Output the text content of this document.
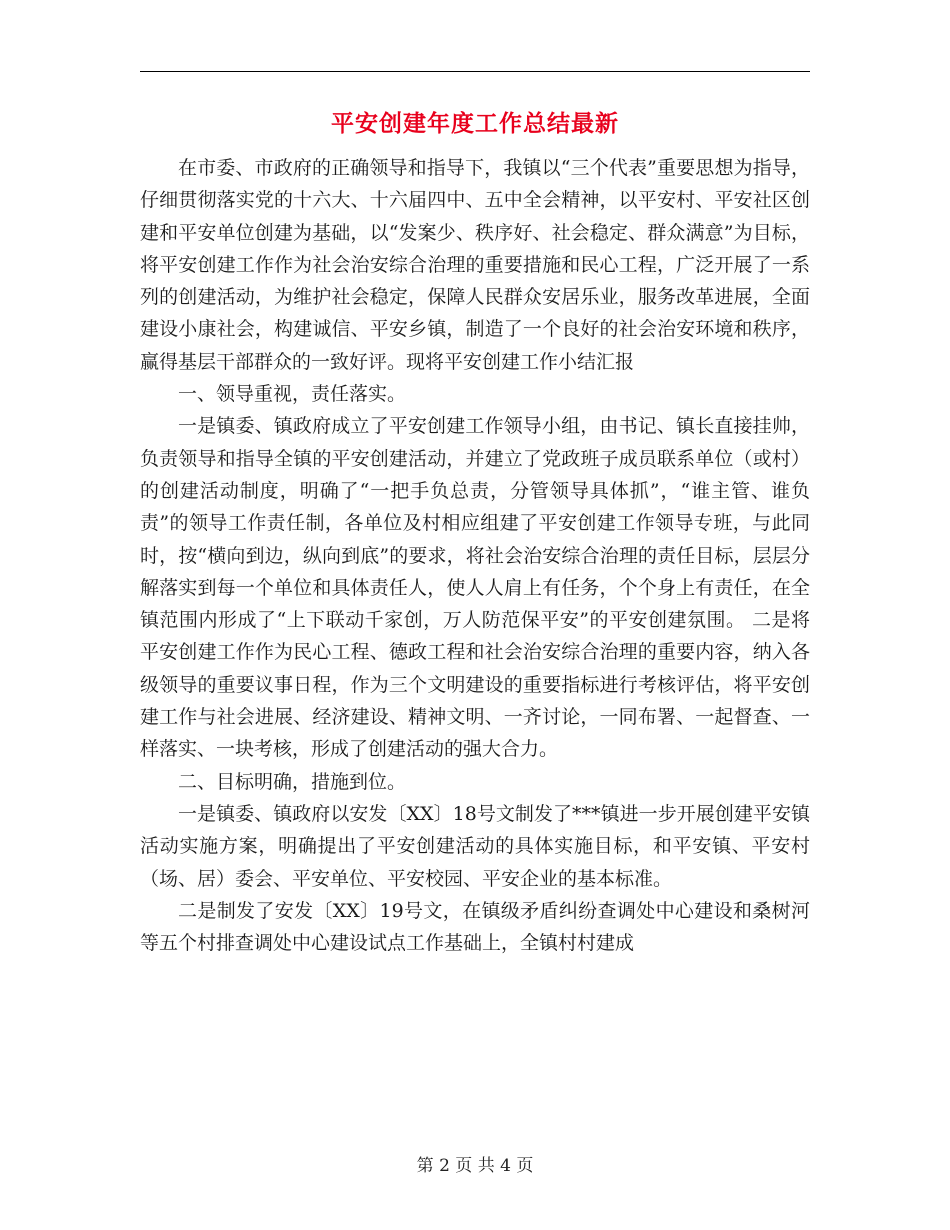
平安创建年度工作总结最新

在市委、市政府的正确领导和指导下，我镇以“三个代表”重要思想为指导，仔细贯彻落实党的十六大、十六届四中、五中全会精神，以平安村、平安社区创建和平安单位创建为基础，以“发案少、秩序好、社会稳定、群众满意”为目标，将平安创建工作作为社会治安综合治理的重要措施和民心工程，广泛开展了一系列的创建活动，为维护社会稳定，保障人民群众安居乐业，服务改革进展，全面建设小康社会，构建诚信、平安乡镇，制造了一个良好的社会治安环境和秩序，赢得基层干部群众的一致好评。现将平安创建工作小结汇报

一、领导重视，责任落实。

一是镇委、镇政府成立了平安创建工作领导小组，由书记、镇长直接挂帅，负责领导和指导全镇的平安创建活动，并建立了党政班子成员联系单位（或村）的创建活动制度，明确了“一把手负总责，分管领导具体抓”，“谁主管、谁负责”的领导工作责任制，各单位及村相应组建了平安创建工作领导专班，与此同时，按“横向到边，纵向到底”的要求，将社会治安综合治理的责任目标，层层分解落实到每一个单位和具体责任人，使人人肩上有任务，个个身上有责任，在全镇范围内形成了“上下联动千家创，万人防范保平安”的平安创建氛围。 二是将平安创建工作作为民心工程、德政工程和社会治安综合治理的重要内容，纳入各级领导的重要议事日程，作为三个文明建设的重要指标进行考核评估，将平安创建工作与社会进展、经济建设、精神文明、一齐讨论，一同布署、一起督查、一样落实、一块考核，形成了创建活动的强大合力。

二、目标明确，措施到位。

一是镇委、镇政府以安发〔XX〕18号文制发了***镇进一步开展创建平安镇活动实施方案，明确提出了平安创建活动的具体实施目标，和平安镇、平安村（场、居）委会、平安单位、平安校园、平安企业的基本标准。

二是制发了安发〔XX〕19号文，在镇级矛盾纠纷查调处中心建设和桑树河等五个村排查调处中心建设试点工作基础上，全镇村村建成

第 2 页 共 4 页
